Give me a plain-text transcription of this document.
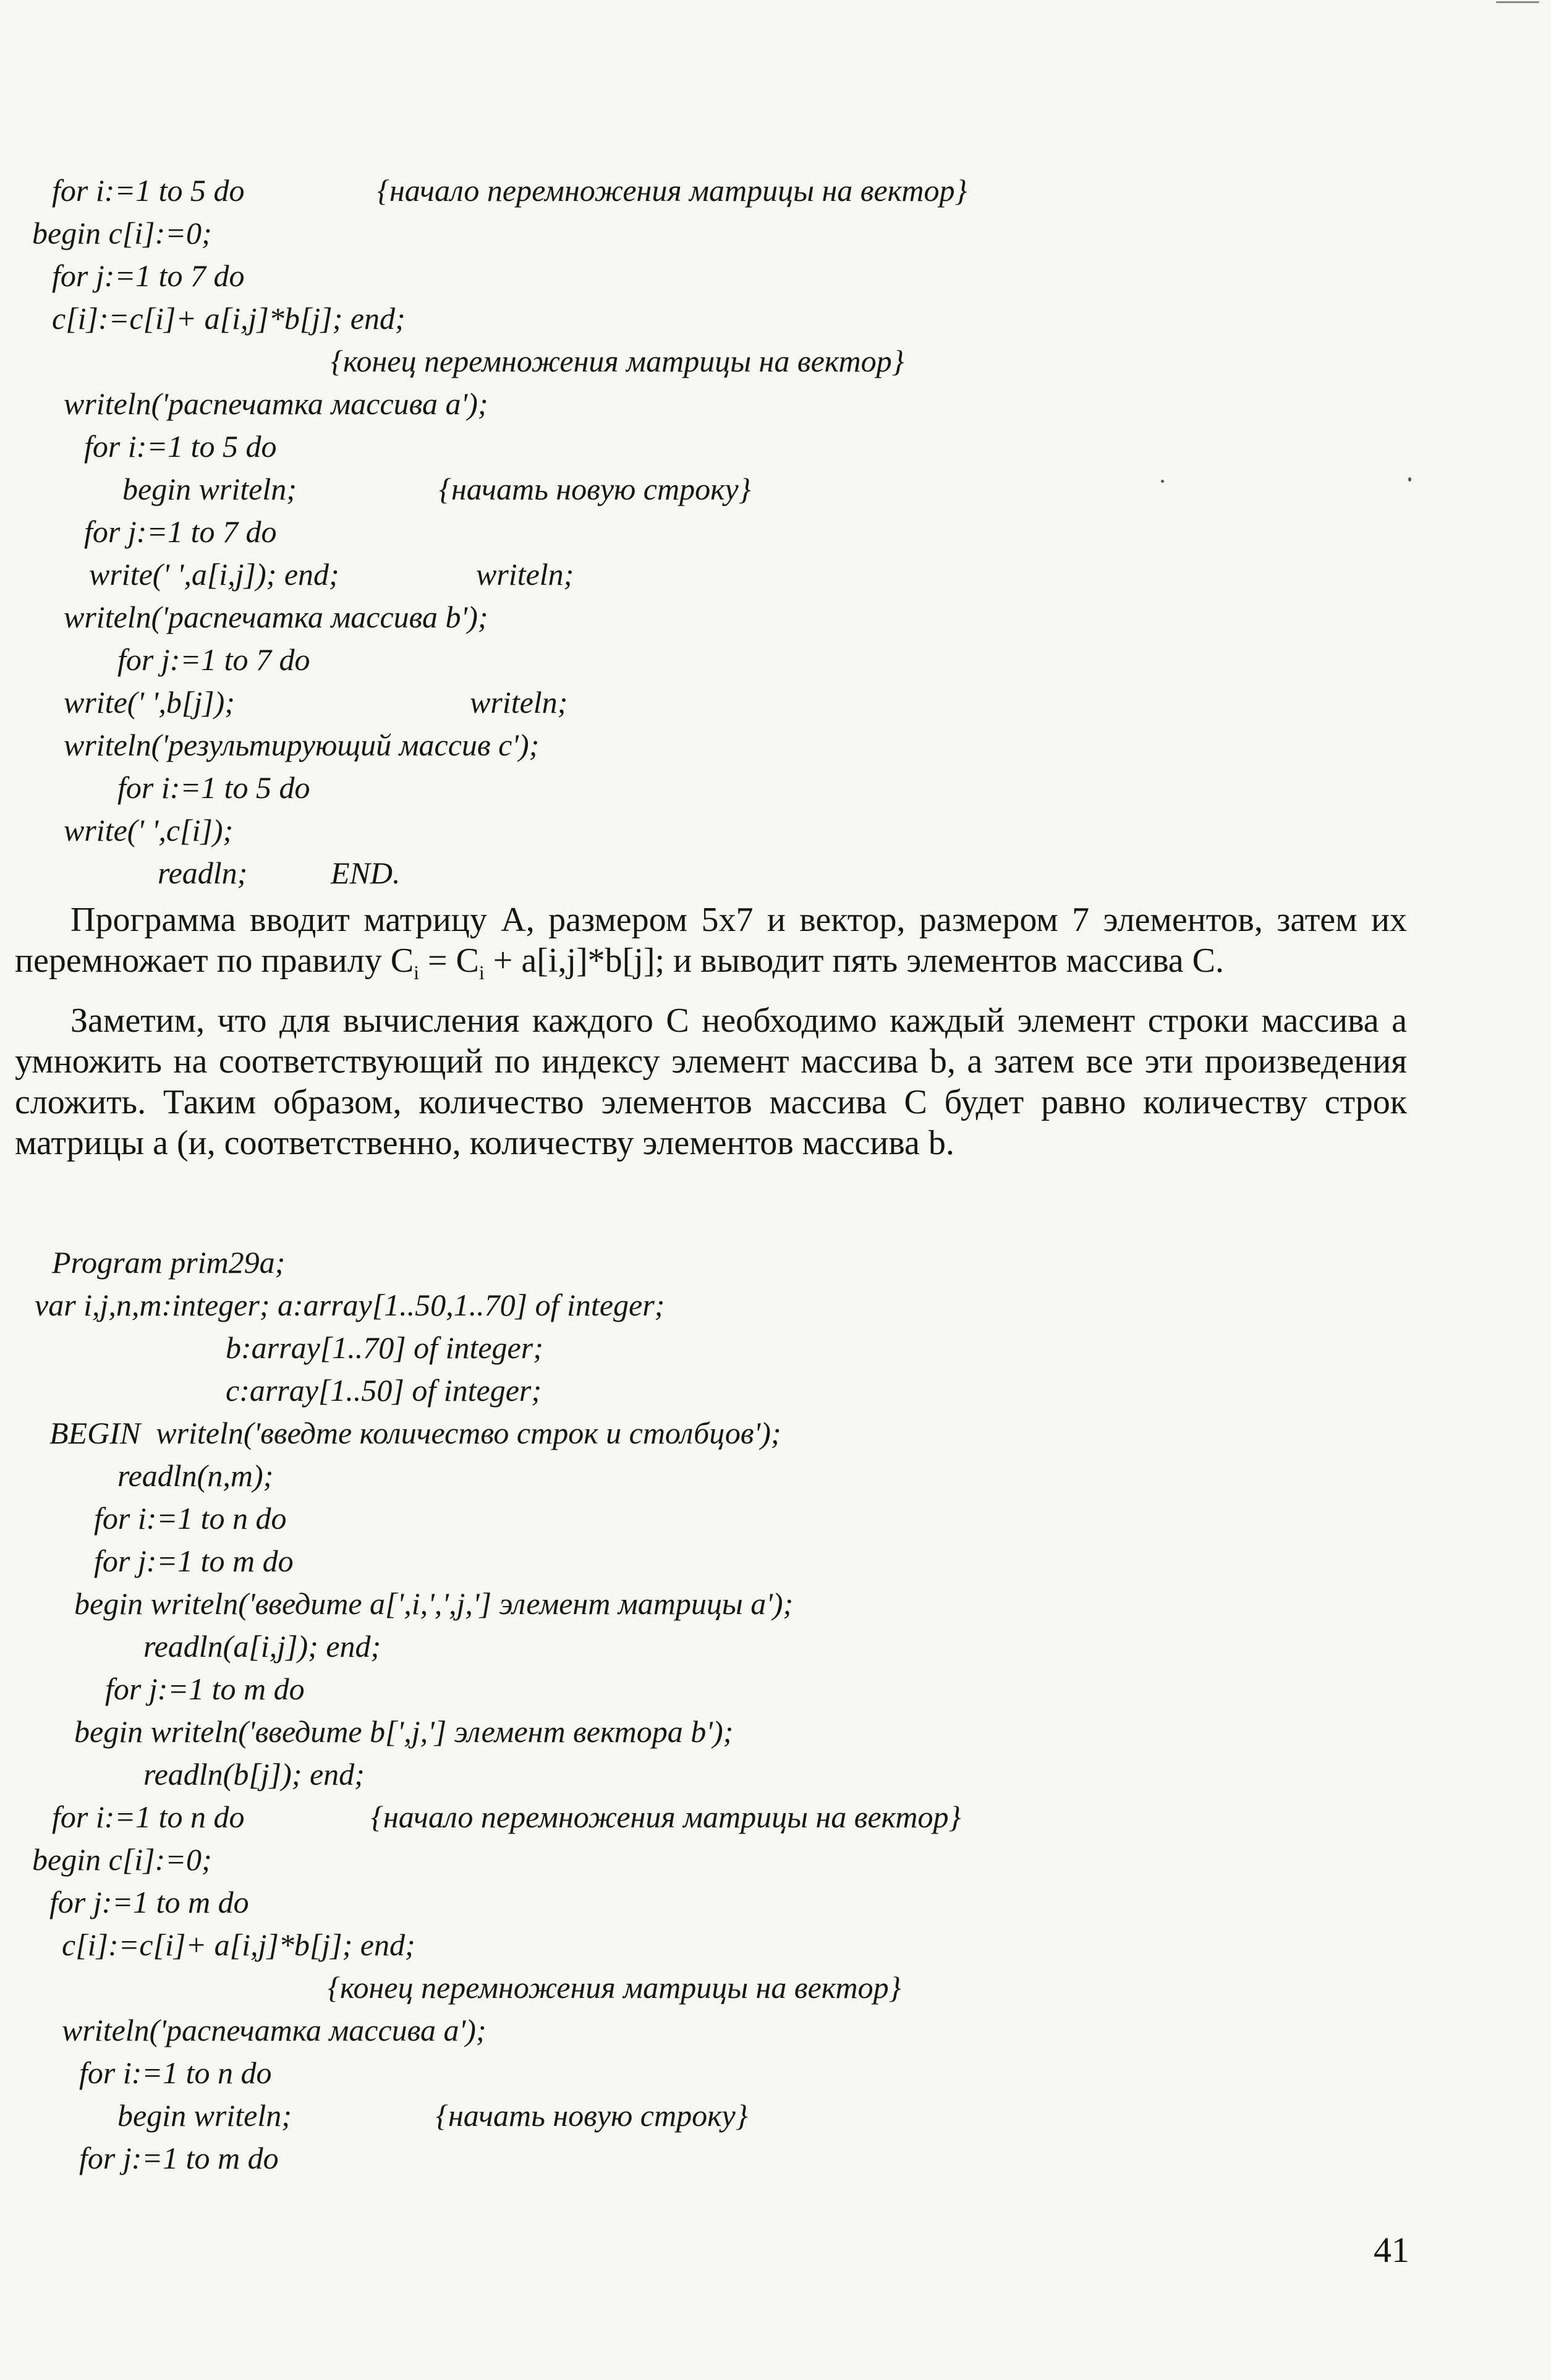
for i:=1 to 5 do	{начало перемножения матрицы на вектор}
begin c[i]:=0;
for j:=1 to 7 do
c[i]:=c[i]+ a[i,j]*b[j]; end;
{конец перемножения матрицы на вектор}
writeln('распечатка массива a');
for i:=1 to 5 do
begin writeln;	{начать новую строку}
for j:=1 to 7 do
write(' ',a[i,j]); end;	writeln;
writeln('распечатка массива b');
for j:=1 to 7 do
write(' ',b[j]);	writeln;
writeln('результирующий массив c');
for i:=1 to 5 do
write(' ',c[i]);
readln;	END.

Программа вводит матрицу А, размером 5х7 и вектор, размером 7 элементов, затем их перемножает по правилу $C_i = C_i + a[i,j]*b[j]$; и выводит пять элементов массива С.

Заметим, что для вычисления каждого С необходимо каждый элемент строки массива а умножить на соответствующий по индексу элемент массива b, а затем все эти произведения сложить. Таким образом, количество элементов массива С будет равно количеству строк матрицы а (и, соответственно, количеству элементов массива b.

Program prim29a;
var i,j,n,m:integer; a:array[1..50,1..70] of integer;
b:array[1..70] of integer;
c:array[1..50] of integer;
BEGIN  writeln('введте количество строк и столбцов');
readln(n,m);
for i:=1 to n do
for j:=1 to m do
begin writeln('введите a[',i,',',j,'] элемент матрицы a');
readln(a[i,j]); end;
for j:=1 to m do
begin writeln('введите b[',j,'] элемент вектора b');
readln(b[j]); end;
for i:=1 to n do	{начало перемножения матрицы на вектор}
begin c[i]:=0;
for j:=1 to m do
c[i]:=c[i]+ a[i,j]*b[j]; end;
{конец перемножения матрицы на вектор}
writeln('распечатка массива a');
for i:=1 to n do
begin writeln;	{начать новую строку}
for j:=1 to m do
41
